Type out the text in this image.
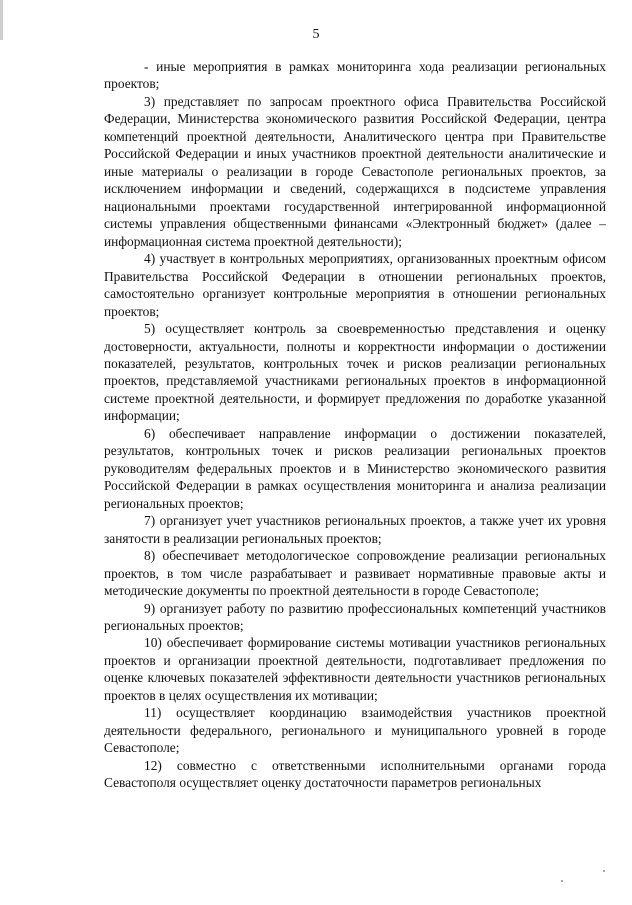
5

- иные мероприятия в рамках мониторинга хода реализации региональных проектов;

3) представляет по запросам проектного офиса Правительства Российской Федерации, Министерства экономического развития Российской Федерации, центра компетенций проектной деятельности, Аналитического центра при Правительстве Российской Федерации и иных участников проектной деятельности аналитические и иные материалы о реализации в городе Севастополе региональных проектов, за исключением информации и сведений, содержащихся в подсистеме управления национальными проектами государственной интегрированной информационной системы управления общественными финансами «Электронный бюджет» (далее – информационная система проектной деятельности);

4) участвует в контрольных мероприятиях, организованных проектным офисом Правительства Российской Федерации в отношении региональных проектов, самостоятельно организует контрольные мероприятия в отношении региональных проектов;

5) осуществляет контроль за своевременностью представления и оценку достоверности, актуальности, полноты и корректности информации о достижении показателей, результатов, контрольных точек и рисков реализации региональных проектов, представляемой участниками региональных проектов в информационной системе проектной деятельности, и формирует предложения по доработке указанной информации;

6) обеспечивает направление информации о достижении показателей, результатов, контрольных точек и рисков реализации региональных проектов руководителям федеральных проектов и в Министерство экономического развития Российской Федерации в рамках осуществления мониторинга и анализа реализации региональных проектов;

7) организует учет участников региональных проектов, а также учет их уровня занятости в реализации региональных проектов;

8) обеспечивает методологическое сопровождение реализации региональных проектов, в том числе разрабатывает и развивает нормативные правовые акты и методические документы по проектной деятельности в городе Севастополе;

9) организует работу по развитию профессиональных компетенций участников региональных проектов;

10) обеспечивает формирование системы мотивации участников региональных проектов и организации проектной деятельности, подготавливает предложения по оценке ключевых показателей эффективности деятельности участников региональных проектов в целях осуществления их мотивации;

11) осуществляет координацию взаимодействия участников проектной деятельности федерального, регионального и муниципального уровней в городе Севастополе;

12) совместно с ответственными исполнительными органами города Севастополя осуществляет оценку достаточности параметров региональных
